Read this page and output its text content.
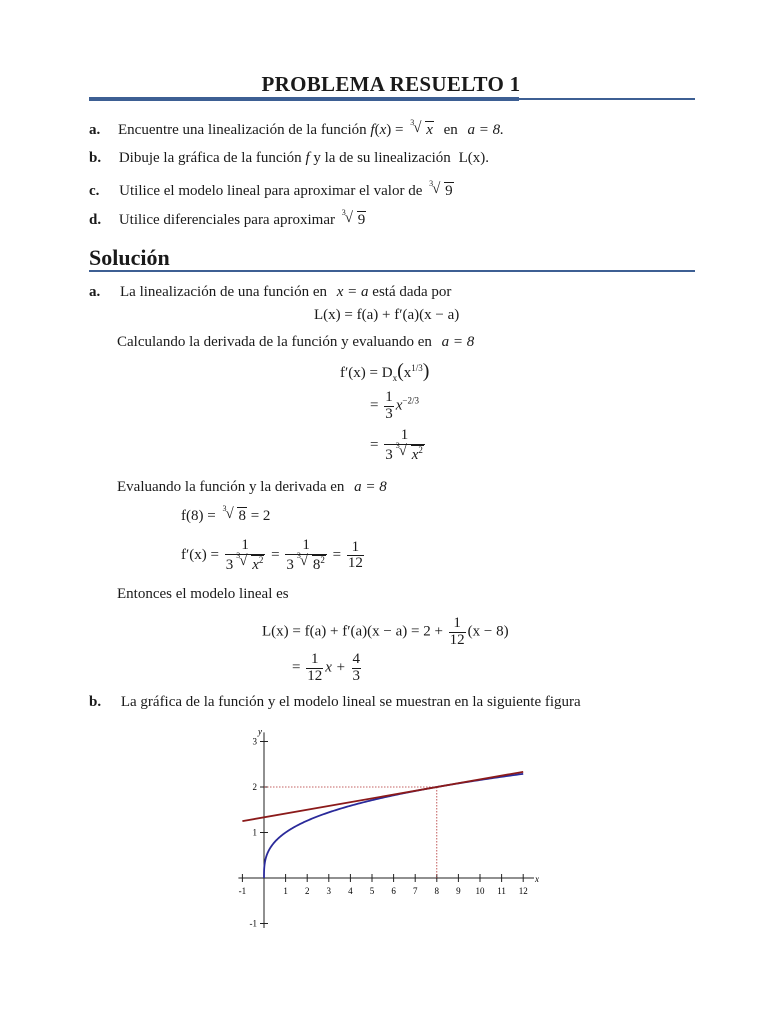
PROBLEMA RESUELTO 1
a. Encuentre una linealización de la función f(x) = 3 √ x en a = 8.
b. Dibuje la gráfica de la función f y la de su linealización L(x).
c. Utilice el modelo lineal para aproximar el valor de 3 √ 9
d. Utilice diferenciales para aproximar 3 √ 9
Solución
a. La linealización de una función en x = a está dada por
L(x) = f(a) + f′(a)(x − a)
Calculando la derivada de la función y evaluando en a = 8
$f'(x) = D_x(x^{1/3})$
= $\frac{1}{3} x^{-2/3}$
= 1
3
3 √ $x^2$
Evaluando la función y la derivada en a = 8
f(8) = 3 √ 8 = 2
f′(x) = 1
3
3 √ $x^2 = 1$
3
3 √ $8^2 = \frac{1}{12}$
Entonces el modelo lineal es
$L(x) = f(a) + f'(a)(x - a) = 2 + \frac{1}{12} (x - 8)$
= $\frac{1}{12}$ $x + \frac{4}{3}$
b. La gráfica de la función y el modelo lineal se muestran en la siguiente figura
x
y
-1	1 2 3 4 5 6 7 8 9 10 11 12
-1
1
2
3
